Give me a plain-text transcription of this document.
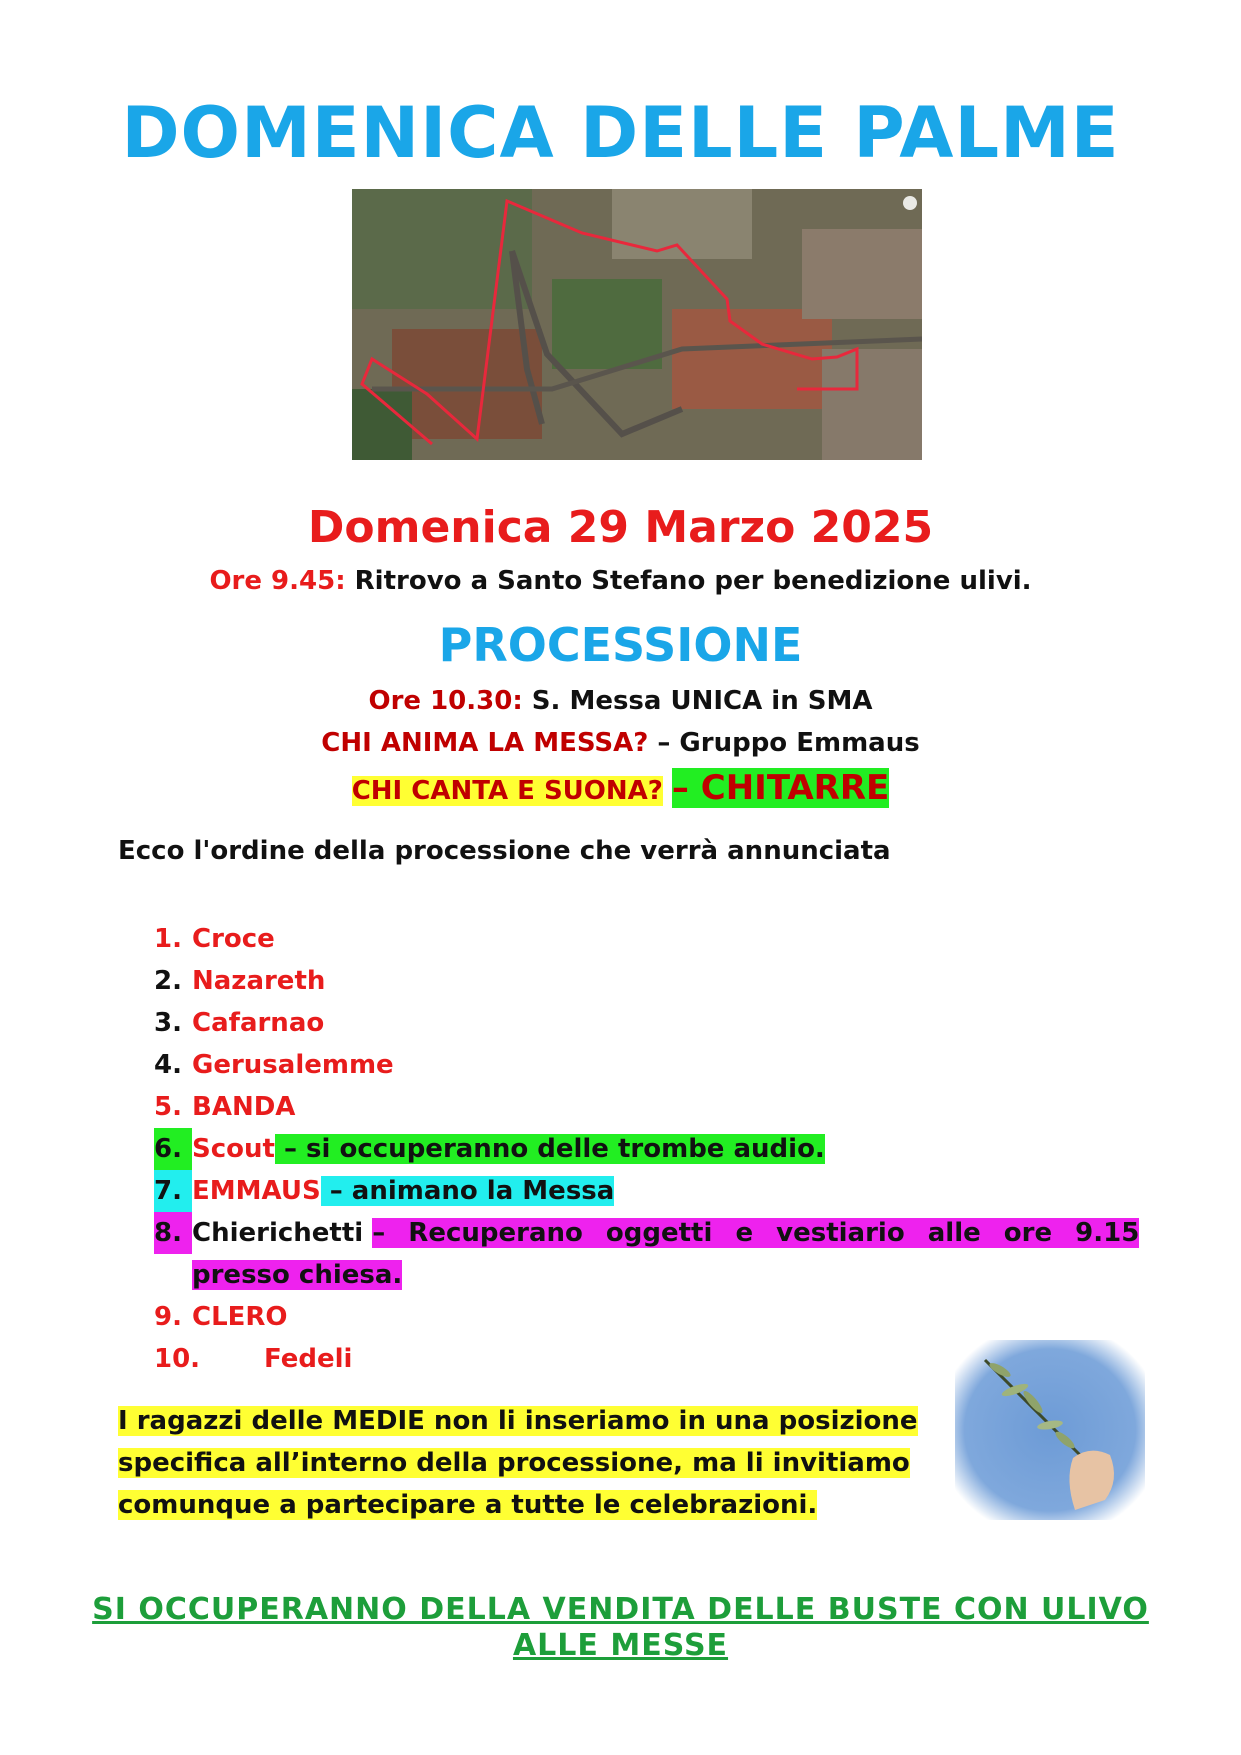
DOMENICA DELLE PALME
Domenica 29 Marzo 2025
Ore 9.45: Ritrovo a Santo Stefano per benedizione ulivi.
PROCESSIONE
Ore 10.30: S. Messa UNICA in SMA
CHI ANIMA LA MESSA? – Gruppo Emmaus
CHI CANTA E SUONA? – CHITARRE
Ecco l'ordine della processione che verrà annunciata
1. Croce
2. Nazareth
3. Cafarnao
4. Gerusalemme
5. BANDA
6. Scout – si occuperanno delle trombe audio.
7. EMMAUS – animano la Messa
8. Chierichetti – Recuperano oggetti e vestiario alle ore 9.15
presso chiesa.
9. CLERO
10. Fedeli
I ragazzi delle MEDIE non li inseriamo in una posizione
specifica all’interno della processione, ma li invitiamo
comunque a partecipare a tutte le celebrazioni.
SI OCCUPERANNO DELLA VENDITA DELLE BUSTE CON ULIVO
ALLE MESSE
